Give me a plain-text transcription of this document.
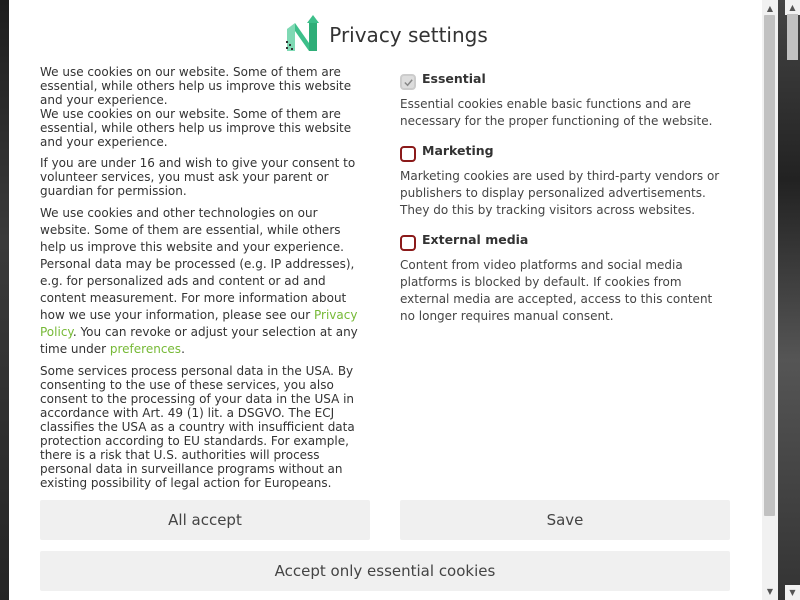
Privacy settings

We use cookies on our website. Some of them are essential, while others help us improve this website and your experience.

We use cookies on our website. Some of them are essential, while others help us improve this website and your experience.

If you are under 16 and wish to give your consent to volunteer services, you must ask your parent or guardian for permission.

We use cookies and other technologies on our website. Some of them are essential, while others help us improve this website and your experience. Personal data may be processed (e.g. IP addresses), e.g. for personalized ads and content or ad and content measurement. For more information about how we use your information, please see our Privacy Policy. You can revoke or adjust your selection at any time under preferences.

Some services process personal data in the USA. By consenting to the use of these services, you also consent to the processing of your data in the USA in accordance with Art. 49 (1) lit. a DSGVO. The ECJ classifies the USA as a country with insufficient data protection according to EU standards. For example, there is a risk that U.S. authorities will process personal data in surveillance programs without an existing possibility of legal action for Europeans.

Essential
Essential cookies enable basic functions and are necessary for the proper functioning of the website.
Marketing
Marketing cookies are used by third-party vendors or publishers to display personalized advertisements. They do this by tracking visitors across websites.
External media
Content from video platforms and social media platforms is blocked by default. If cookies from external media are accepted, access to this content no longer requires manual consent.
All accept	Save
Accept only essential cookies
▲
▼
▲
▼
